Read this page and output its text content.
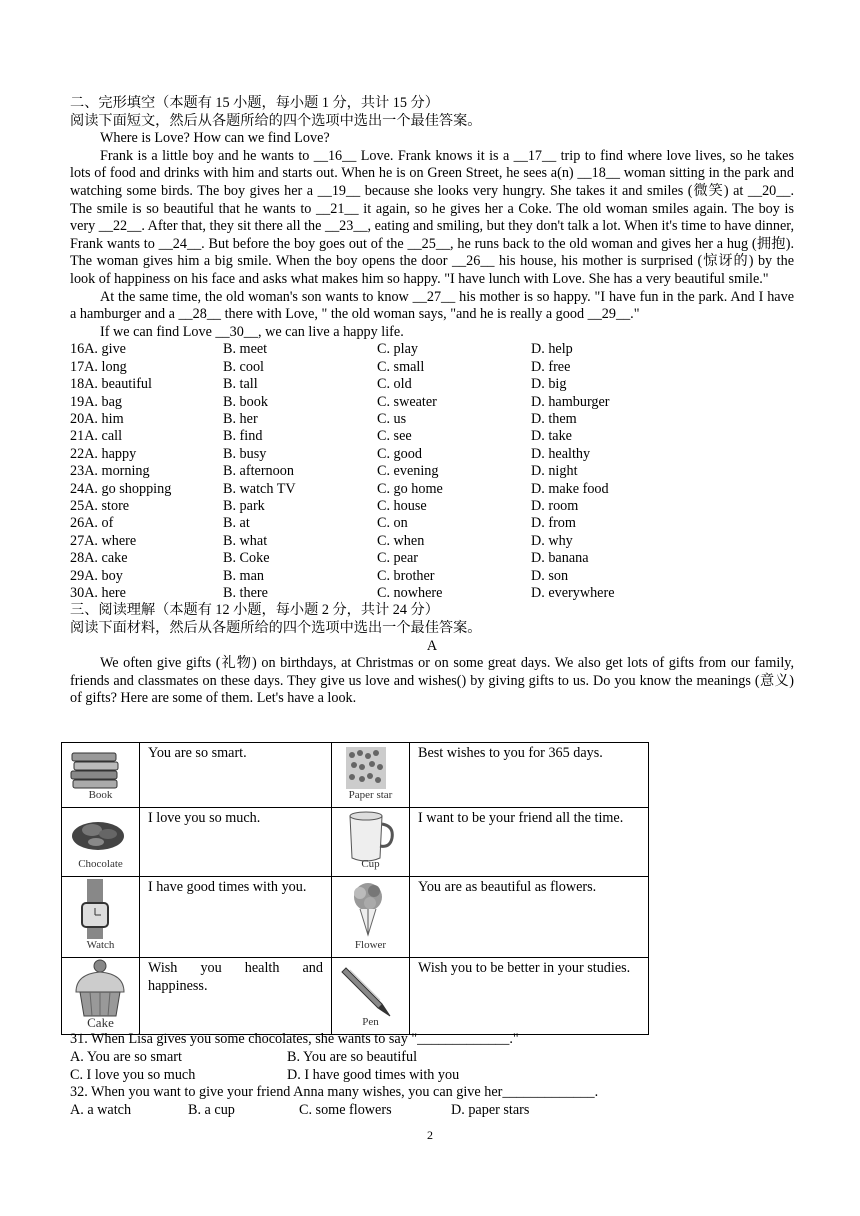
二、完形填空（本题有 15 小题，每小题 1 分，共计 15 分）
阅读下面短文，然后从各题所给的四个选项中选出一个最佳答案。
Where is Love? How can we find Love?
Frank is a little boy and he wants to __16__ Love. Frank knows it is a __17__ trip to find where love lives, so he takes lots of food and drinks with him and starts out. When he is on Green Street, he sees a(n) __18__ woman sitting in the park and watching some birds. The boy gives her a __19__ because she looks very hungry. She takes it and smiles (微笑) at __20__. The smile is so beautiful that he wants to __21__ it again, so he gives her a Coke. The old woman smiles again. The boy is very __22__. After that, they sit there all the __23__, eating and smiling, but they don't talk a lot. When it's time to have dinner, Frank wants to __24__. But before the boy goes out of the __25__, he runs back to the old woman and gives her a hug (拥抱). The woman gives him a big smile. When the boy opens the door __26__ his house, his mother is surprised (惊讶的) by the look of happiness on his face and asks what makes him so happy. "I have lunch with Love. She has a very beautiful smile."
At the same time, the old woman's son wants to know __27__ his mother is so happy. "I have fun in the park. And I have a hamburger and a __28__ there with Love, " the old woman says, "and he is really a good __29__."
If we can find Love __30__, we can live a happy life.
16A. give	B. meet	C. play	D. help
17A. long	B. cool	C. small	D. free
18A. beautiful	B. tall	C. old	D. big
19A. bag	B. book	C. sweater	D. hamburger
20A. him	B. her	C. us	D. them
21A. call	B. find	C. see	D. take
22A. happy	B. busy	C. good	D. healthy
23A. morning	B. afternoon	C. evening	D. night
24A. go shopping	B. watch TV	C. go home	D. make food
25A. store	B. park	C. house	D. room
26A. of	B. at	C. on	D. from
27A. where	B. what	C. when	D. why
28A. cake	B. Coke	C. pear	D. banana
29A. boy	B. man	C. brother	D. son
30A. here	B. there	C. nowhere	D. everywhere
三、阅读理解（本题有 12 小题，每小题 2 分，共计 24 分）
阅读下面材料，然后从各题所给的四个选项中选出一个最佳答案。
A
We often give gifts (礼物) on birthdays, at Christmas or on some great days. We also get lots of gifts from our family, friends and classmates on these days. They give us love and wishes() by giving gifts to us. Do you know the meanings (意义) of gifts? Here are some of them. Let's have a look.
Book	You are so smart.	Paper star	Best wishes to you for 365 days.

Chocolate	I love you so much.	Cup	I want to be your friend all the time.

Watch	I have good times with you.	Flower	You are as beautiful as flowers.

Cake	Wish you health and happiness.	Pen	Wish you to be better in your studies.
31. When Lisa gives you some chocolates, she wants to say "_____________."
A. You are so smart	B. You are so beautiful
C. I love you so much	D. I have good times with you
32. When you want to give your friend Anna many wishes, you can give her_____________.
A. a watch	B. a cup	C. some flowers	D. paper stars
2
